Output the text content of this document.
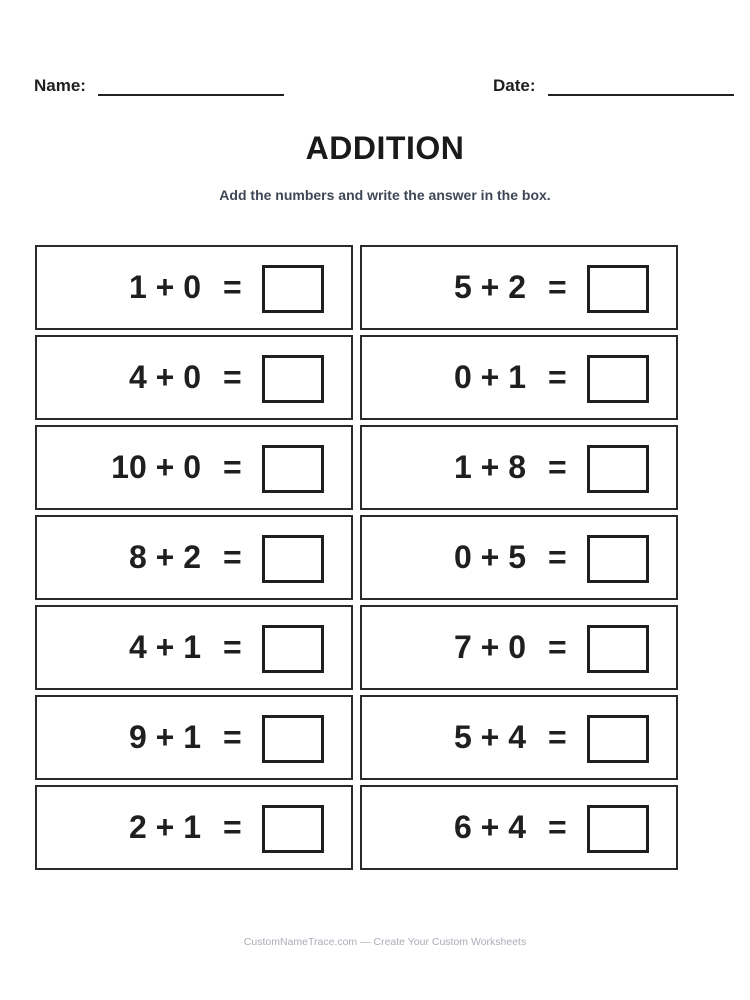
Name:	Date:
ADDITION
Add the numbers and write the answer in the box.
1 + 0 =	5 + 2 =
4 + 0 =	0 + 1 =
10 + 0 =	1 + 8 =
8 + 2 =	0 + 5 =
4 + 1 =	7 + 0 =
9 + 1 =	5 + 4 =
2 + 1 =	6 + 4 =
CustomNameTrace.com — Create Your Custom Worksheets
